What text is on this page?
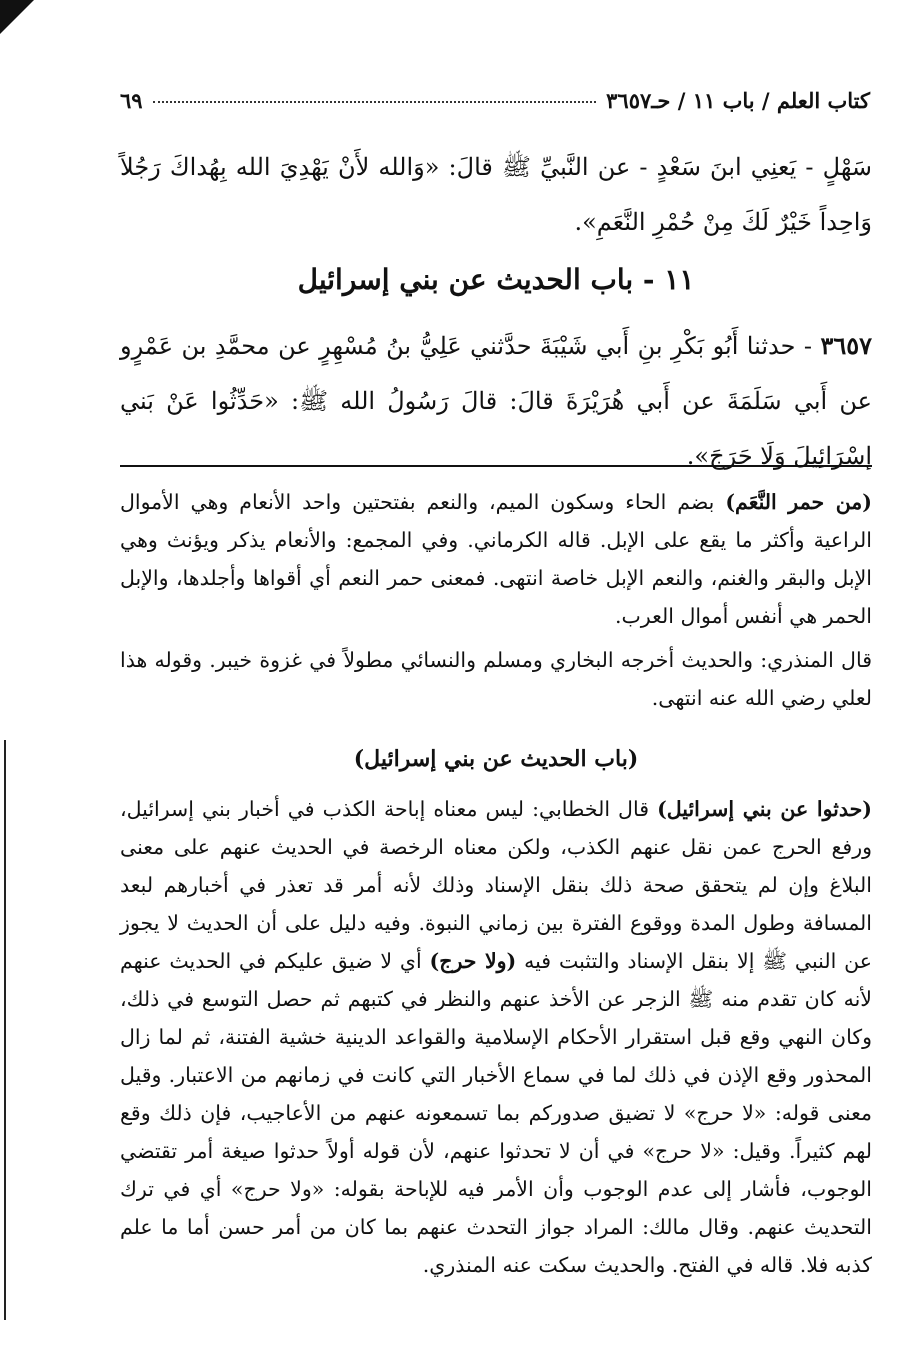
كتاب العلم / باب ١١ / حـ٣٦٥٧
٦٩

سَهْلٍ - يَعنِي ابنَ سَعْدٍ - عن النَّبيِّ ﷺ قالَ: «وَالله لأَنْ يَهْدِيَ الله بِهُداكَ رَجُلاً وَاحِداً خَيْرٌ لَكَ مِنْ حُمْرِ النَّعَمِ».

١١ - باب الحديث عن بني إسرائيل

٣٦٥٧ - حدثنا أَبُو بَكْرِ بنِ أَبي شَيْبَةَ حدَّثني عَلِيُّ بنُ مُسْهِرٍ عن محمَّدِ بن عَمْرٍو عن أَبي سَلَمَةَ عن أَبي هُرَيْرَةَ قالَ: قالَ رَسُولُ الله ﷺ: «حَدِّثُوا عَنْ بَني إسْرَائِيلَ وَلَا حَرَجَ».

(من حمر النَّعَم) بضم الحاء وسكون الميم، والنعم بفتحتين واحد الأنعام وهي الأموال الراعية وأكثر ما يقع على الإبل. قاله الكرماني. وفي المجمع: والأنعام يذكر ويؤنث وهي الإبل والبقر والغنم، والنعم الإبل خاصة انتهى. فمعنى حمر النعم أي أقواها وأجلدها، والإبل الحمر هي أنفس أموال العرب.

قال المنذري: والحديث أخرجه البخاري ومسلم والنسائي مطولاً في غزوة خيبر. وقوله هذا لعلي رضي الله عنه انتهى.

(باب الحديث عن بني إسرائيل)

(حدثوا عن بني إسرائيل) قال الخطابي: ليس معناه إباحة الكذب في أخبار بني إسرائيل، ورفع الحرج عمن نقل عنهم الكذب، ولكن معناه الرخصة في الحديث عنهم على معنى البلاغ وإن لم يتحقق صحة ذلك بنقل الإسناد وذلك لأنه أمر قد تعذر في أخبارهم لبعد المسافة وطول المدة ووقوع الفترة بين زماني النبوة. وفيه دليل على أن الحديث لا يجوز عن النبي ﷺ إلا بنقل الإسناد والتثبت فيه (ولا حرج) أي لا ضيق عليكم في الحديث عنهم لأنه كان تقدم منه ﷺ الزجر عن الأخذ عنهم والنظر في كتبهم ثم حصل التوسع في ذلك، وكان النهي وقع قبل استقرار الأحكام الإسلامية والقواعد الدينية خشية الفتنة، ثم لما زال المحذور وقع الإذن في ذلك لما في سماع الأخبار التي كانت في زمانهم من الاعتبار. وقيل معنى قوله: «لا حرج» لا تضيق صدوركم بما تسمعونه عنهم من الأعاجيب، فإن ذلك وقع لهم كثيراً. وقيل: «لا حرج» في أن لا تحدثوا عنهم، لأن قوله أولاً حدثوا صيغة أمر تقتضي الوجوب، فأشار إلى عدم الوجوب وأن الأمر فيه للإباحة بقوله: «ولا حرج» أي في ترك التحديث عنهم. وقال مالك: المراد جواز التحدث عنهم بما كان من أمر حسن أما ما علم كذبه فلا. قاله في الفتح. والحديث سكت عنه المنذري.
